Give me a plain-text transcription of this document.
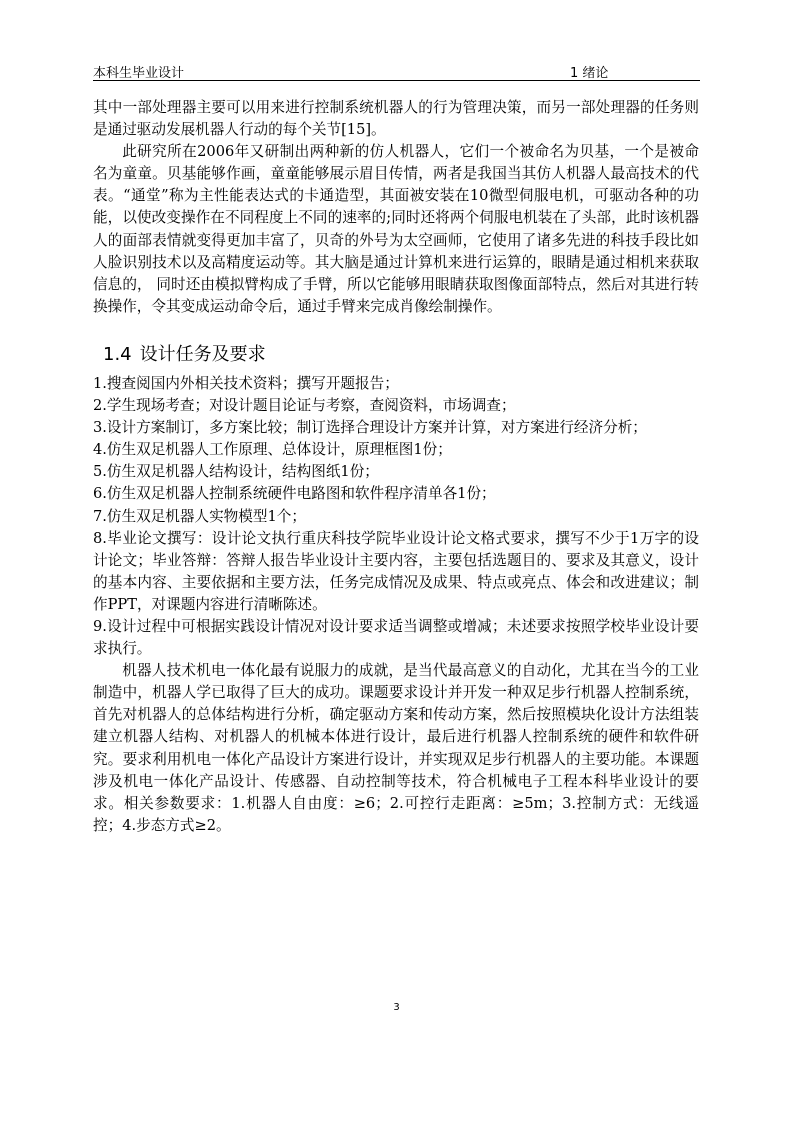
本科生毕业设计	1 绪论

其中一部处理器主要可以用来进行控制系统机器人的行为管理决策，而另一部处理器的任务则是通过驱动发展机器人行动的每个关节[15]。

此研究所在2006年又研制出两种新的仿人机器人，它们一个被命名为贝基，一个是被命名为童童。贝基能够作画，童童能够展示眉目传情，两者是我国当其仿人机器人最高技术的代表。“通堂”称为主性能表达式的卡通造型，其面被安装在10微型伺服电机，可驱动各种的功能，以使改变操作在不同程度上不同的速率的;同时还将两个伺服电机装在了头部，此时该机器人的面部表情就变得更加丰富了，贝奇的外号为太空画师，它使用了诸多先进的科技手段比如人脸识别技术以及高精度运动等。其大脑是通过计算机来进行运算的，眼睛是通过相机来获取信息的， 同时还由模拟臂构成了手臂，所以它能够用眼睛获取图像面部特点，然后对其进行转换操作，令其变成运动命令后，通过手臂来完成肖像绘制操作。

1.4 设计任务及要求
1.搜查阅国内外相关技术资料；撰写开题报告；
2.学生现场考查；对设计题目论证与考察，查阅资料，市场调查；
3.设计方案制订，多方案比较；制订选择合理设计方案并计算，对方案进行经济分析；
4.仿生双足机器人工作原理、总体设计，原理框图1份；
5.仿生双足机器人结构设计，结构图纸1份；
6.仿生双足机器人控制系统硬件电路图和软件程序清单各1份；
7.仿生双足机器人实物模型1个；
8.毕业论文撰写：设计论文执行重庆科技学院毕业设计论文格式要求，撰写不少于1万字的设计论文；毕业答辩：答辩人报告毕业设计主要内容，主要包括选题目的、要求及其意义，设计的基本内容、主要依据和主要方法，任务完成情况及成果、特点或亮点、体会和改进建议；制作PPT，对课题内容进行清晰陈述。
9.设计过程中可根据实践设计情况对设计要求适当调整或增减；未述要求按照学校毕业设计要求执行。

机器人技术机电一体化最有说服力的成就，是当代最高意义的自动化，尤其在当今的工业制造中，机器人学已取得了巨大的成功。课题要求设计并开发一种双足步行机器人控制系统，首先对机器人的总体结构进行分析，确定驱动方案和传动方案，然后按照模块化设计方法组装建立机器人结构、对机器人的机械本体进行设计，最后进行机器人控制系统的硬件和软件研究。要求利用机电一体化产品设计方案进行设计，并实现双足步行机器人的主要功能。本课题涉及机电一体化产品设计、传感器、自动控制等技术，符合机械电子工程本科毕业设计的要求。相关参数要求：1.机器人自由度：≥6；2.可控行走距离：≥5m；3.控制方式：无线遥控；4.步态方式≥2。

3
